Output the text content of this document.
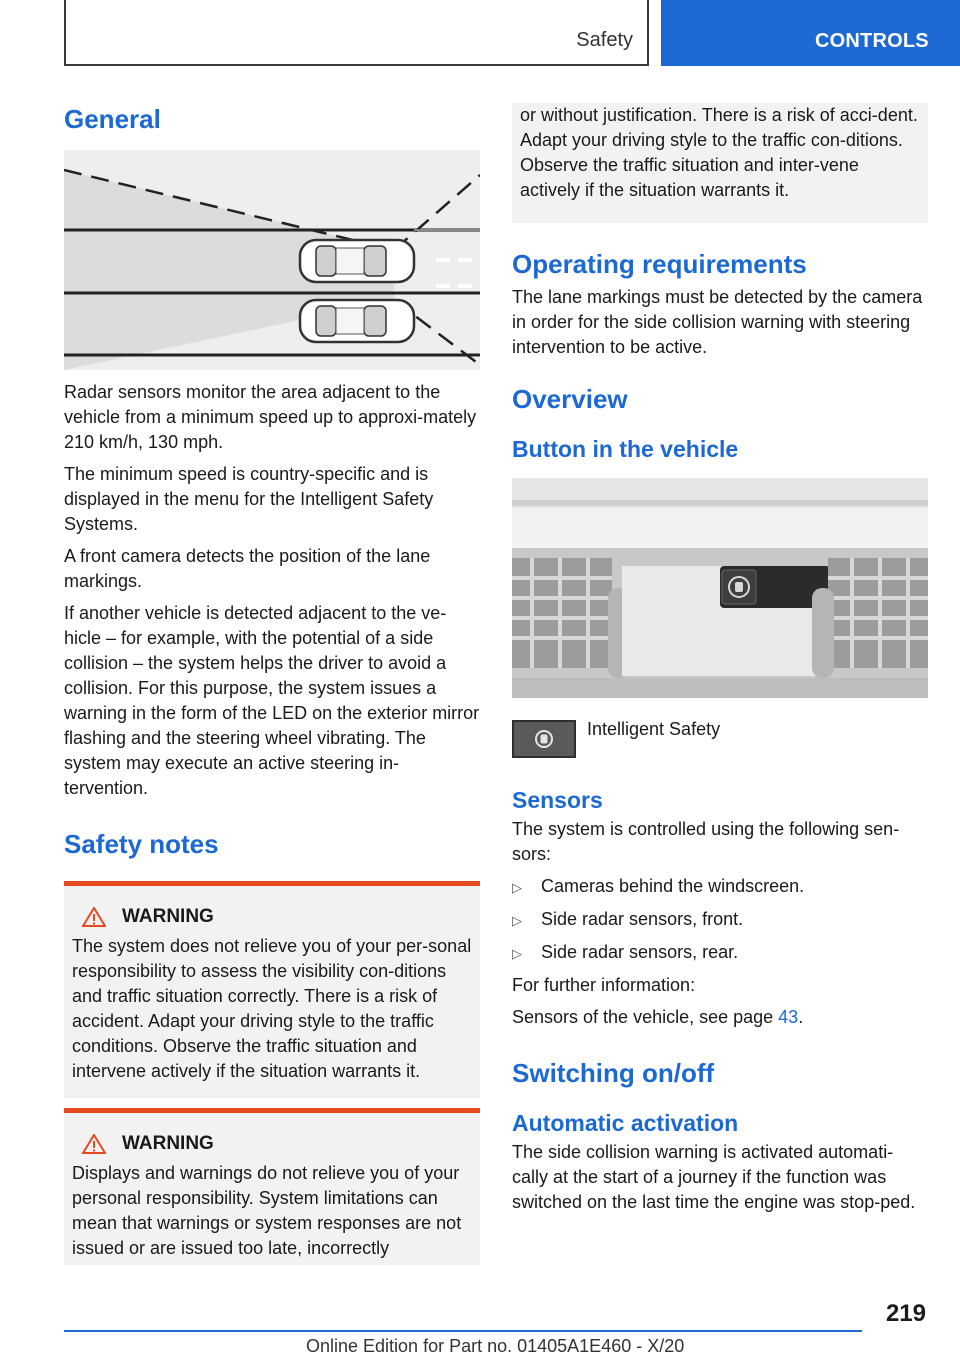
Safety	CONTROLS
General
Radar sensors monitor the area adjacent to the vehicle from a minimum speed up to approxi-mately 210 km/h, 130 mph.
The minimum speed is country-specific and is displayed in the menu for the Intelligent Safety Systems.
A front camera detects the position of the lane markings.
If another vehicle is detected adjacent to the ve-hicle – for example, with the potential of a side collision – the system helps the driver to avoid a collision. For this purpose, the system issues a warning in the form of the LED on the exterior mirror flashing and the steering wheel vibrating. The system may execute an active steering in-tervention.
Safety notes
WARNING
The system does not relieve you of your per-sonal responsibility to assess the visibility con-ditions and traffic situation correctly. There is a risk of accident. Adapt your driving style to the traffic conditions. Observe the traffic situation and intervene actively if the situation warrants it.
WARNING
Displays and warnings do not relieve you of your personal responsibility. System limitations can mean that warnings or system responses are not issued or are issued too late, incorrectly
or without justification. There is a risk of acci-dent. Adapt your driving style to the traffic con-ditions. Observe the traffic situation and inter-vene actively if the situation warrants it.
Operating requirements
The lane markings must be detected by the camera in order for the side collision warning with steering intervention to be active.
Overview
Button in the vehicle
Intelligent Safety
Sensors
The system is controlled using the following sen-sors:
▷	Cameras behind the windscreen.
▷	Side radar sensors, front.
▷	Side radar sensors, rear.
For further information:
Sensors of the vehicle, see page 43.
Switching on/off
Automatic activation
The side collision warning is activated automati-cally at the start of a journey if the function was switched on the last time the engine was stop-ped.
219
Online Edition for Part no. 01405A1E460 - X/20
